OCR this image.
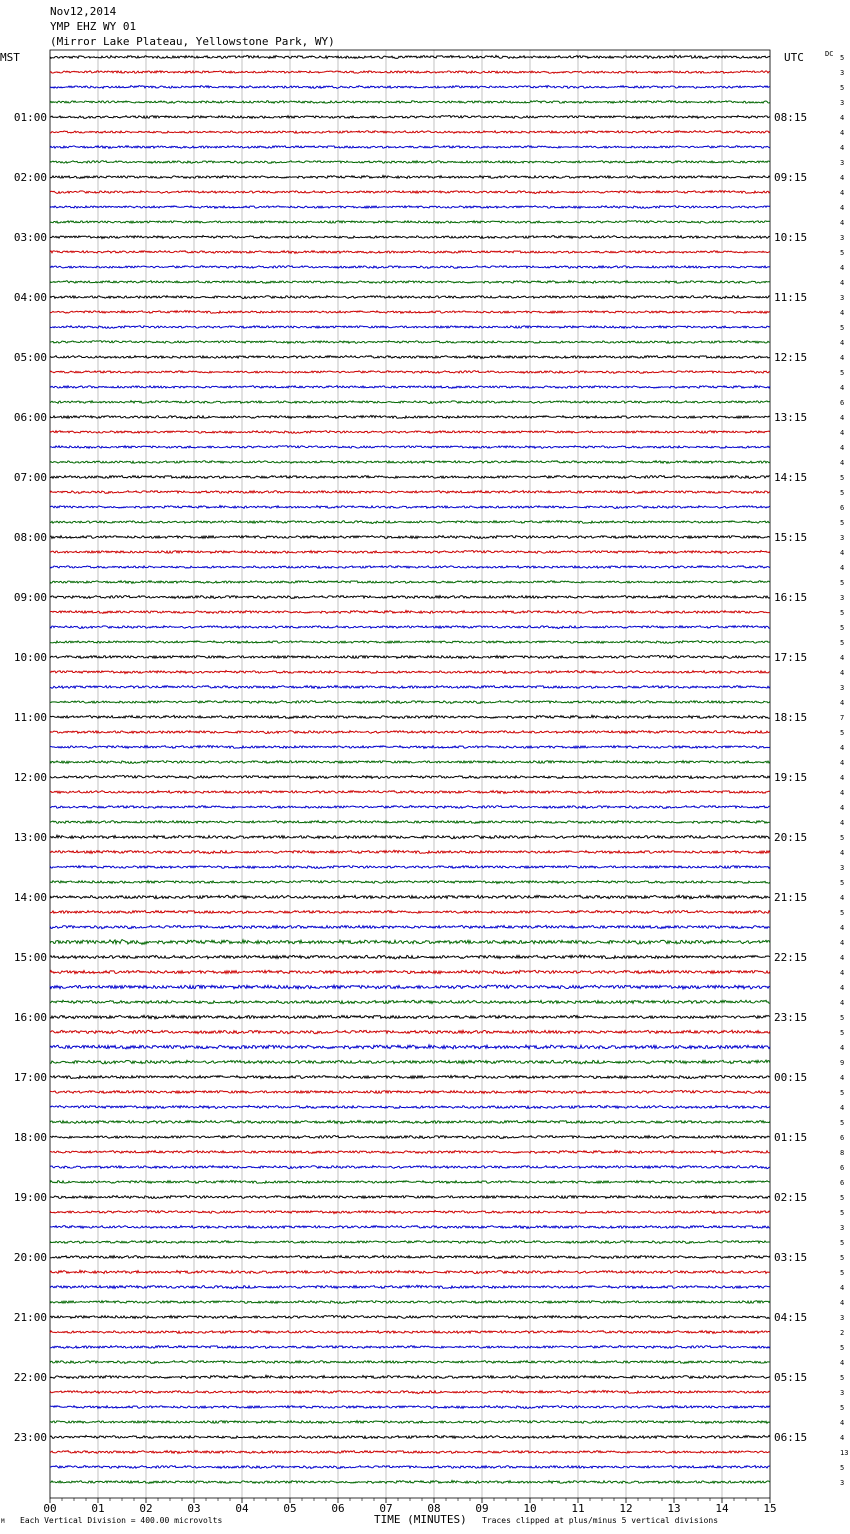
Nov12,2014
YMP EHZ WY 01
(Mirror Lake Plateau, Yellowstone Park, WY)
MST	UTC	DC
M Each Vertical Division = 400.00 microvolts	TIME (MINUTES) Traces clipped at plus/minus 5 vertical divisions
5
3
5
3
4
4
4
3
4
4
4
4
3
5
4
4
3
4
5
4
4
5
4
6
4
4
4
4
5
5
6
5
3
4
4
5
3
5
5
5
4
4
3
4
7
5
4
4
4
4
4
4
5
4
3
5
4
5
4
4
4
4
4
4
5
5
4
9
4
5
4
5
6
8
6
6
5
5
3
5
5
5
4
4
3
2
5
4
5
3
5
4
4
13
5
3
01:00	08:15
02:00	09:15
03:00	10:15
04:00	11:15
05:00	12:15
06:00	13:15
07:00	14:15
08:00	15:15
09:00	16:15
10:00	17:15
11:00	18:15
12:00	19:15
13:00	20:15
14:00	21:15
15:00	22:15
16:00	23:15
17:00	00:15
18:00	01:15
19:00	02:15
20:00	03:15
21:00	04:15
22:00	05:15
23:00	06:15
00	01	02	03	04	05	06	07	08	09	10	11	12	13	14	15
